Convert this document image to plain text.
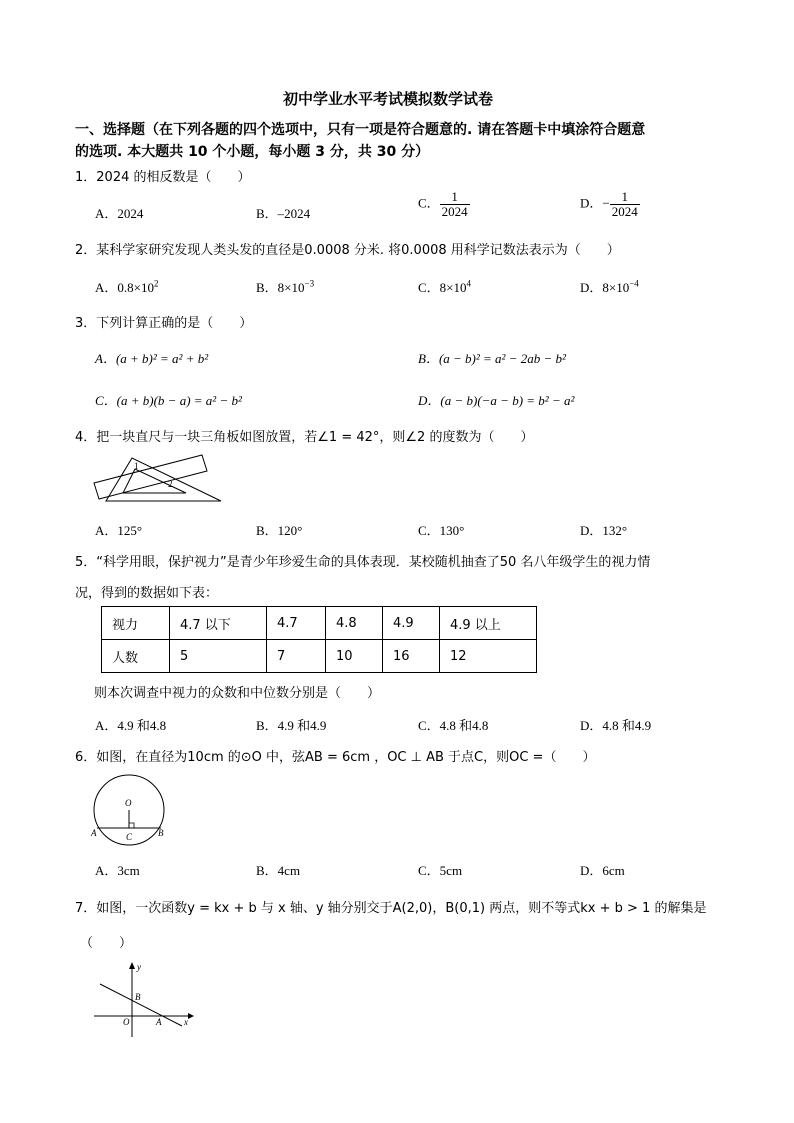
初中学业水平考试模拟数学试卷
一、选择题（在下列各题的四个选项中，只有一项是符合题意的. 请在答题卡中填涂符合题意
的选项. 本大题共 10 个小题，每小题 3 分，共 30 分）
1．2024 的相反数是（　　）
A．2024	B．–2024
C． $\frac{1}{2024}$	D．− $\frac{1}{2024}$
2．某科学家研究发现人类头发的直径是0.0008 分米. 将0.0008 用科学记数法表示为（　　）
A．$0.8\times 10^2$	B．$8\times 10^{-3}$	C．$8\times 10^4$	D．$8\times 10^{-4}$
3．下列计算正确的是（　　）
A．(a + b)² = a² + b²	B．(a − b)² = a² − 2ab − b²
C．(a + b)(b − a) = a² − b²	D．(a − b)(−a − b) = b² − a²
4．把一块直尺与一块三角板如图放置，若∠1 = 42°，则∠2 的度数为（　　）
1
2
A．125°	B．120°	C．130°	D．132°
5．“科学用眼，保护视力”是青少年珍爱生命的具体表现．某校随机抽查了50 名八年级学生的视力情
况，得到的数据如下表：
视力	4.7 以下	4.7	4.8	4.9	4.9 以上
人数	5	7	10	16	12
则本次调查中视力的众数和中位数分别是（　　）
A．4.9 和4.8	B．4.9 和4.9	C．4.8 和4.8	D．4.8 和4.9
6．如图，在直径为10cm 的⊙O 中，弦AB = 6cm ，OC ⊥ AB 于点C，则OC =（　　）
O
A	B
C
A．3cm	B．4cm	C．5cm	D．6cm
7．如图，一次函数y = kx + b 与 x 轴、y 轴分别交于A(2,0)，B(0,1) 两点，则不等式kx + b > 1 的解集是
（　　）
y
x
O	A
B
